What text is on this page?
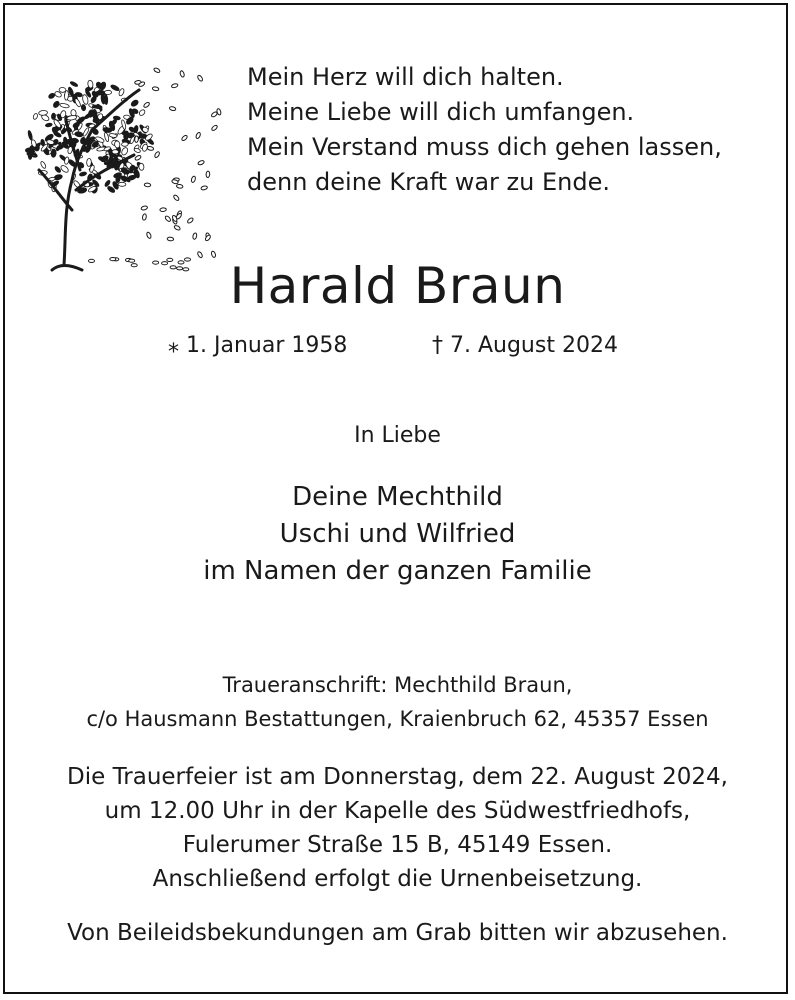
Mein Herz will dich halten.
Meine Liebe will dich umfangen.
Mein Verstand muss dich gehen lassen,
denn deine Kraft war zu Ende.
Harald Braun
⁎ 1. Januar 1958	† 7. August 2024
In Liebe
Deine Mechthild
Uschi und Wilfried
im Namen der ganzen Familie
Traueranschrift: Mechthild Braun,
c/o Hausmann Bestattungen, Kraienbruch 62, 45357 Essen
Die Trauerfeier ist am Donnerstag, dem 22. August 2024,
um 12.00 Uhr in der Kapelle des Südwestfriedhofs,
Fulerumer Straße 15 B, 45149 Essen.
Anschließend erfolgt die Urnenbeisetzung.
Von Beileidsbekundungen am Grab bitten wir abzusehen.
